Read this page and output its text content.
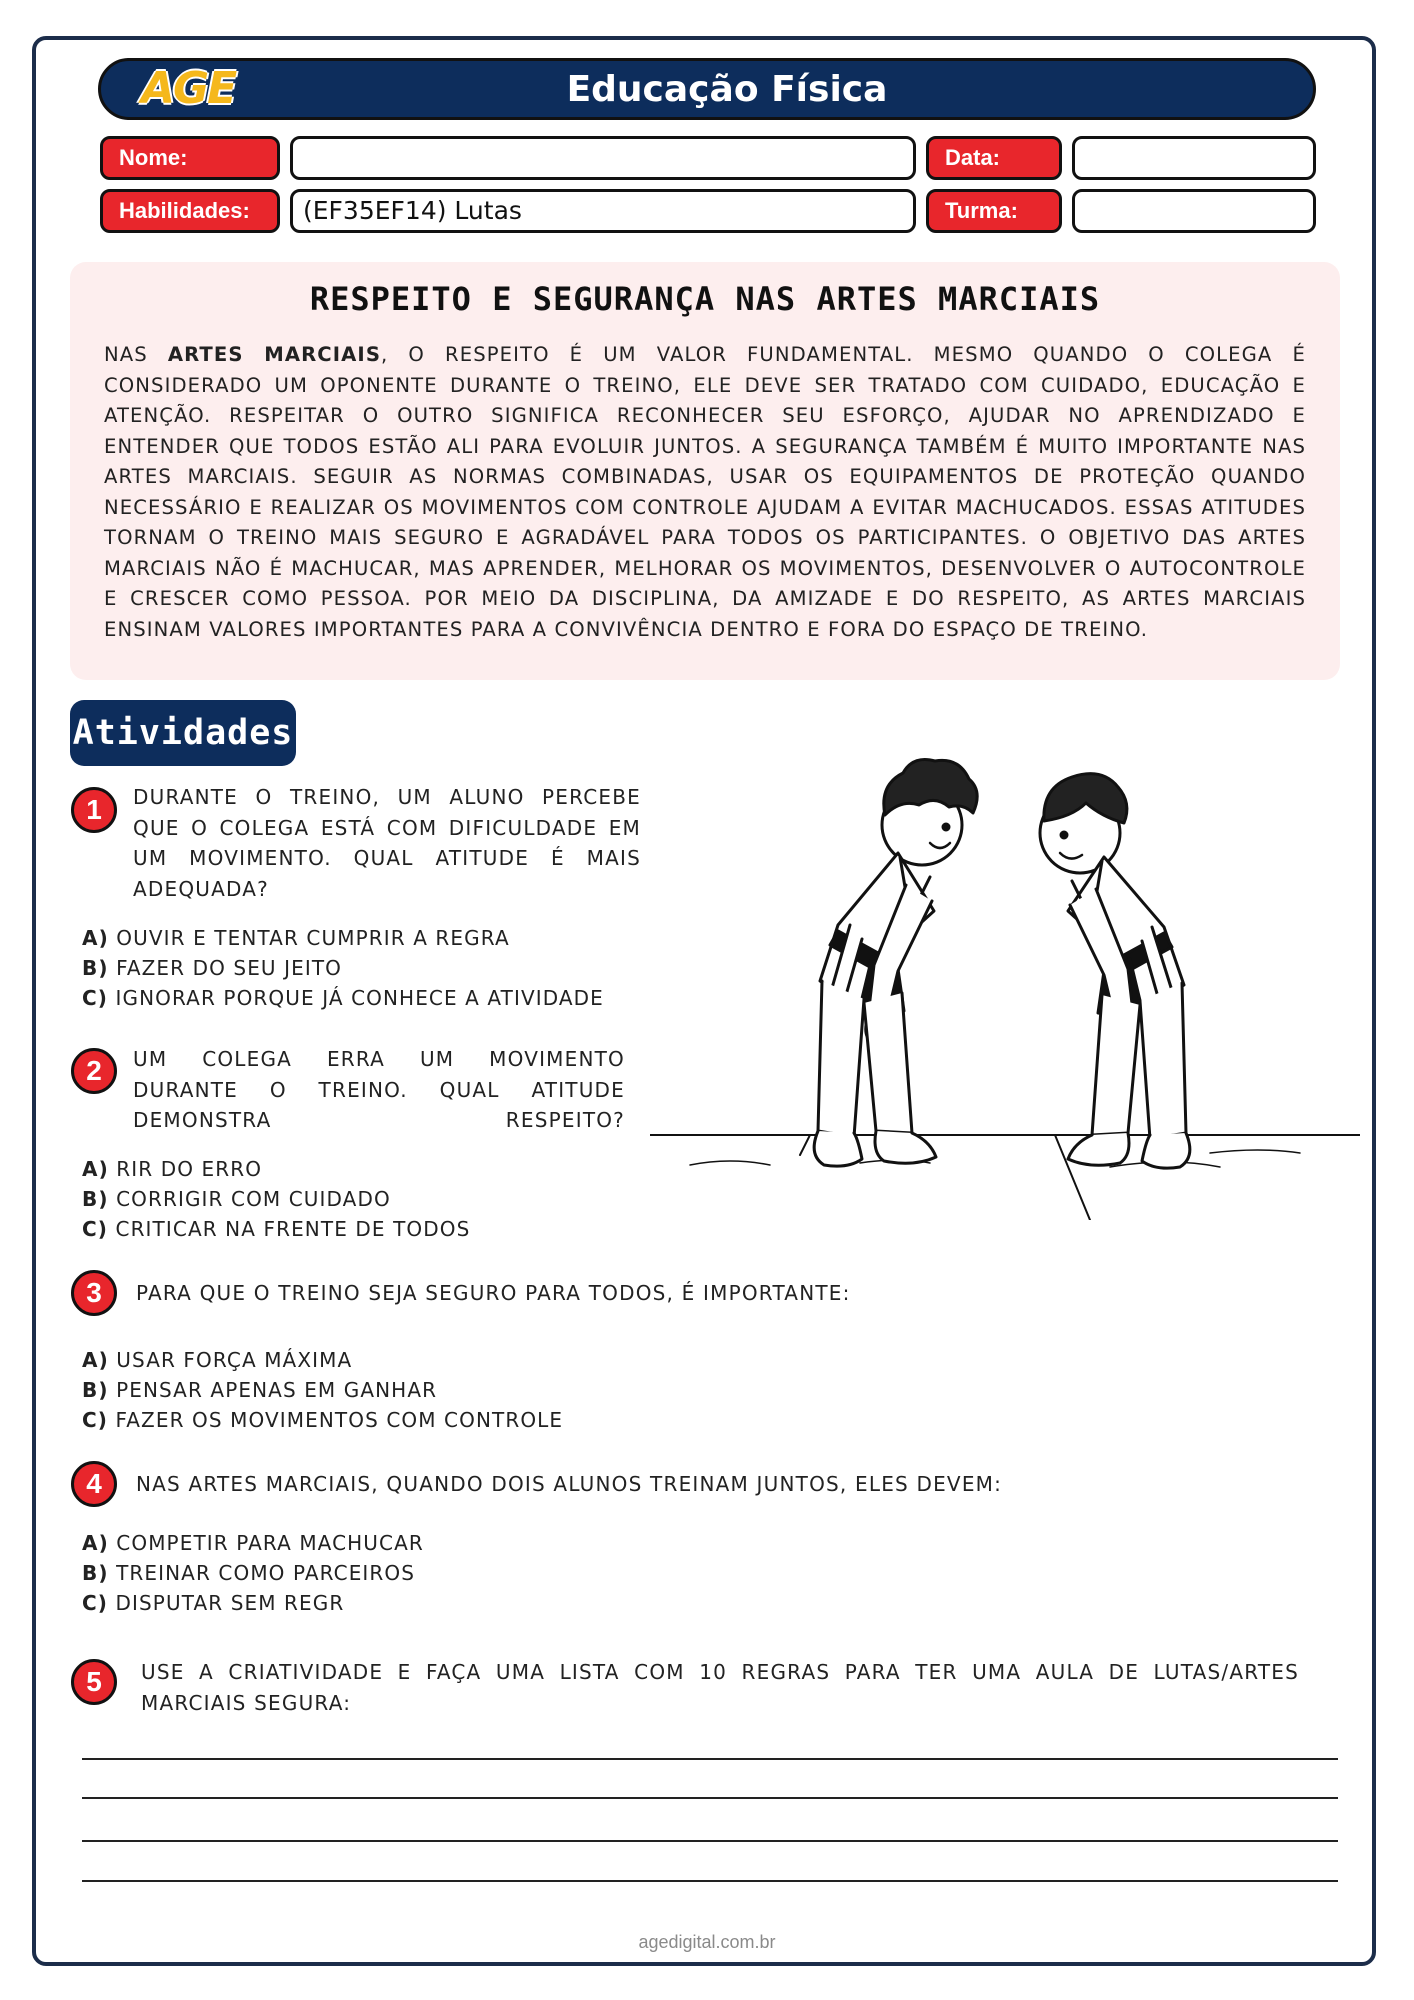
AGE	Educação Física
Nome:	Data:
Habilidades:	(EF35EF14) Lutas	Turma:
RESPEITO E SEGURANÇA NAS ARTES MARCIAIS

NAS ARTES MARCIAIS, O RESPEITO É UM VALOR FUNDAMENTAL. MESMO QUANDO O COLEGA É CONSIDERADO UM OPONENTE DURANTE O TREINO, ELE DEVE SER TRATADO COM CUIDADO, EDUCAÇÃO E ATENÇÃO. RESPEITAR O OUTRO SIGNIFICA RECONHECER SEU ESFORÇO, AJUDAR NO APRENDIZADO E ENTENDER QUE TODOS ESTÃO ALI PARA EVOLUIR JUNTOS. A SEGURANÇA TAMBÉM É MUITO IMPORTANTE NAS ARTES MARCIAIS. SEGUIR AS NORMAS COMBINADAS, USAR OS EQUIPAMENTOS DE PROTEÇÃO QUANDO NECESSÁRIO E REALIZAR OS MOVIMENTOS COM CONTROLE AJUDAM A EVITAR MACHUCADOS. ESSAS ATITUDES TORNAM O TREINO MAIS SEGURO E AGRADÁVEL PARA TODOS OS PARTICIPANTES. O OBJETIVO DAS ARTES MARCIAIS NÃO É MACHUCAR, MAS APRENDER, MELHORAR OS MOVIMENTOS, DESENVOLVER O AUTOCONTROLE E CRESCER COMO PESSOA. POR MEIO DA DISCIPLINA, DA AMIZADE E DO RESPEITO, AS ARTES MARCIAIS ENSINAM VALORES IMPORTANTES PARA A CONVIVÊNCIA DENTRO E FORA DO ESPAÇO DE TREINO.

Atividades
1	DURANTE O TREINO, UM ALUNO PERCEBE QUE O COLEGA ESTÁ COM DIFICULDADE EM UM MOVIMENTO. QUAL ATITUDE É MAIS ADEQUADA?

A) OUVIR E TENTAR CUMPRIR A REGRA
B) FAZER DO SEU JEITO
C) IGNORAR PORQUE JÁ CONHECE A ATIVIDADE
2	UM COLEGA ERRA UM MOVIMENTO DURANTE O TREINO. QUAL ATITUDE DEMONSTRA RESPEITO?

A) RIR DO ERRO
B) CORRIGIR COM CUIDADO
C) CRITICAR NA FRENTE DE TODOS
3	PARA QUE O TREINO SEJA SEGURO PARA TODOS, É IMPORTANTE:

A) USAR FORÇA MÁXIMA
B) PENSAR APENAS EM GANHAR
C) FAZER OS MOVIMENTOS COM CONTROLE
4	NAS ARTES MARCIAIS, QUANDO DOIS ALUNOS TREINAM JUNTOS, ELES DEVEM:

A) COMPETIR PARA MACHUCAR
B) TREINAR COMO PARCEIROS
C) DISPUTAR SEM REGR
5	USE A CRIATIVIDADE E FAÇA UMA LISTA COM 10 REGRAS PARA TER UMA AULA DE LUTAS/ARTES MARCIAIS SEGURA:

agedigital.com.br
